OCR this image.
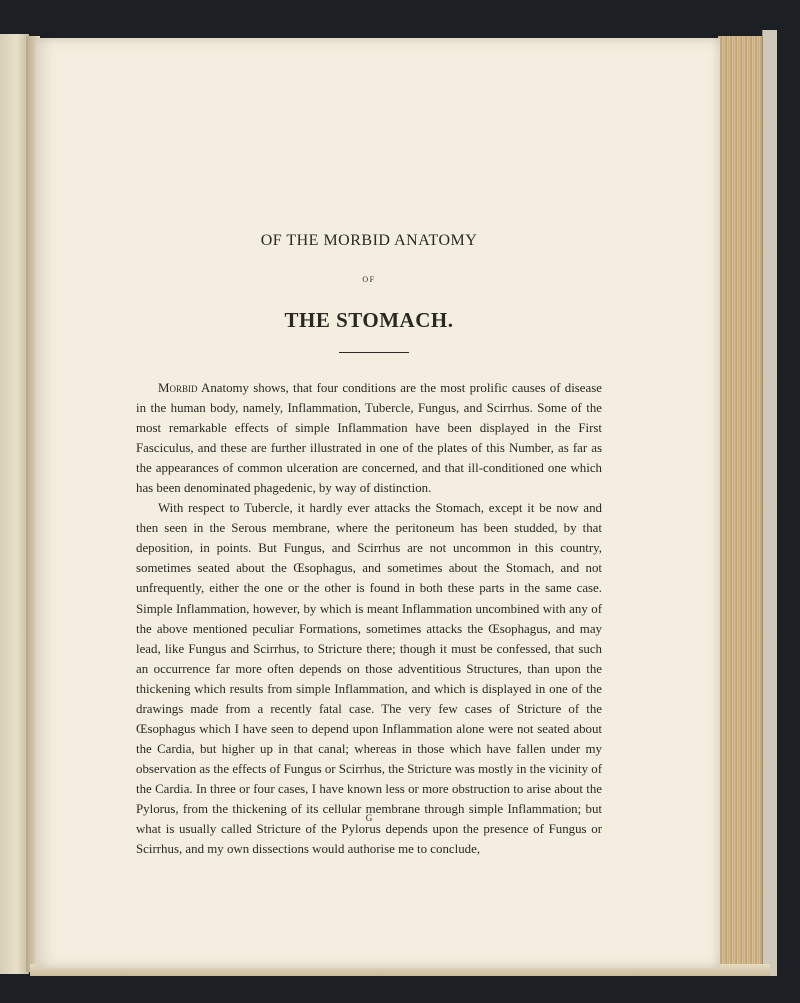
OF THE MORBID ANATOMY
OF
THE STOMACH.

Morbid Anatomy shows, that four conditions are the most prolific causes of disease in the human body, namely, Inflammation, Tubercle, Fungus, and Scirrhus. Some of the most remarkable effects of simple Inflammation have been displayed in the First Fasciculus, and these are further illustrated in one of the plates of this Number, as far as the appearances of common ulceration are concerned, and that ill-conditioned one which has been denominated phagedenic, by way of distinction.

With respect to Tubercle, it hardly ever attacks the Stomach, except it be now and then seen in the Serous membrane, where the peritoneum has been studded, by that deposition, in points. But Fungus, and Scirrhus are not uncommon in this country, sometimes seated about the Œsophagus, and sometimes about the Stomach, and not unfrequently, either the one or the other is found in both these parts in the same case. Simple Inflammation, however, by which is meant Inflammation uncombined with any of the above mentioned peculiar Formations, sometimes attacks the Œsophagus, and may lead, like Fungus and Scirrhus, to Stricture there; though it must be confessed, that such an occurrence far more often depends on those adventitious Structures, than upon the thickening which results from simple Inflammation, and which is displayed in one of the drawings made from a recently fatal case. The very few cases of Stricture of the Œsophagus which I have seen to depend upon Inflammation alone were not seated about the Cardia, but higher up in that canal; whereas in those which have fallen under my observation as the effects of Fungus or Scirrhus, the Stricture was mostly in the vicinity of the Cardia. In three or four cases, I have known less or more obstruction to arise about the Pylorus, from the thickening of its cellular membrane through simple Inflammation; but what is usually called Stricture of the Pylorus depends upon the presence of Fungus or Scirrhus, and my own dissections would authorise me to conclude,

G
